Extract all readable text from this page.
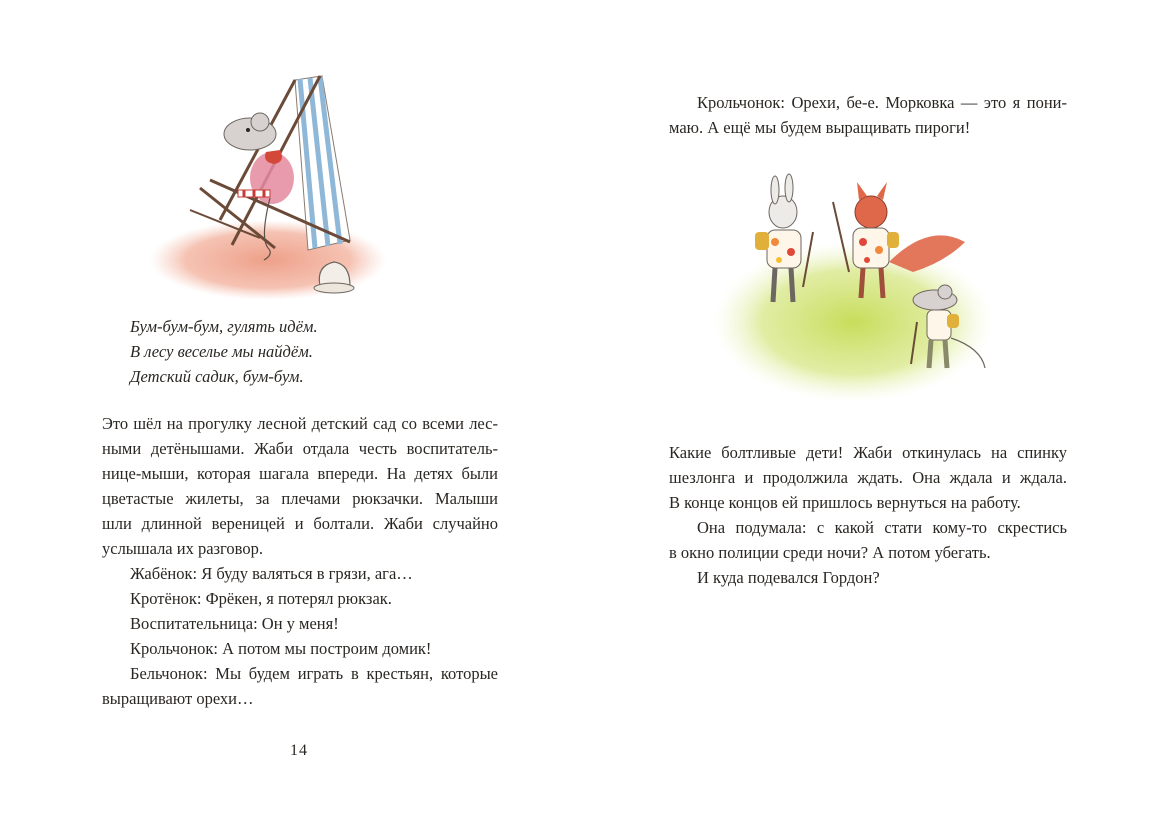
Бум-бум-бум, гулять идём.
В лесу веселье мы найдём.
Детский садик, бум-бум.
Это шёл на прогулку лесной детский сад со всеми лес-
ными детёнышами. Жаби отдала честь воспитатель-
нице-мыши, которая шагала впереди. На детях были
цветастые жилеты, за плечами рюкзачки. Малыши
шли длинной вереницей и болтали. Жаби случайно
услышала их разговор.
Жабёнок: Я буду валяться в грязи, ага…
Кротёнок: Фрёкен, я потерял рюкзак.
Воспитательница: Он у меня!
Крольчонок: А потом мы построим домик!
Бельчонок: Мы будем играть в крестьян, которые
выращивают орехи…
14
Крольчонок: Орехи, бе-е. Морковка — это я пони-
маю. А ещё мы будем выращивать пироги!
Какие болтливые дети! Жаби откинулась на спинку
шезлонга и продолжила ждать. Она ждала и ждала.
В конце концов ей пришлось вернуться на работу.
Она подумала: с какой стати кому-то скрестись
в окно полиции среди ночи? А потом убегать.
И куда подевался Гордон?
